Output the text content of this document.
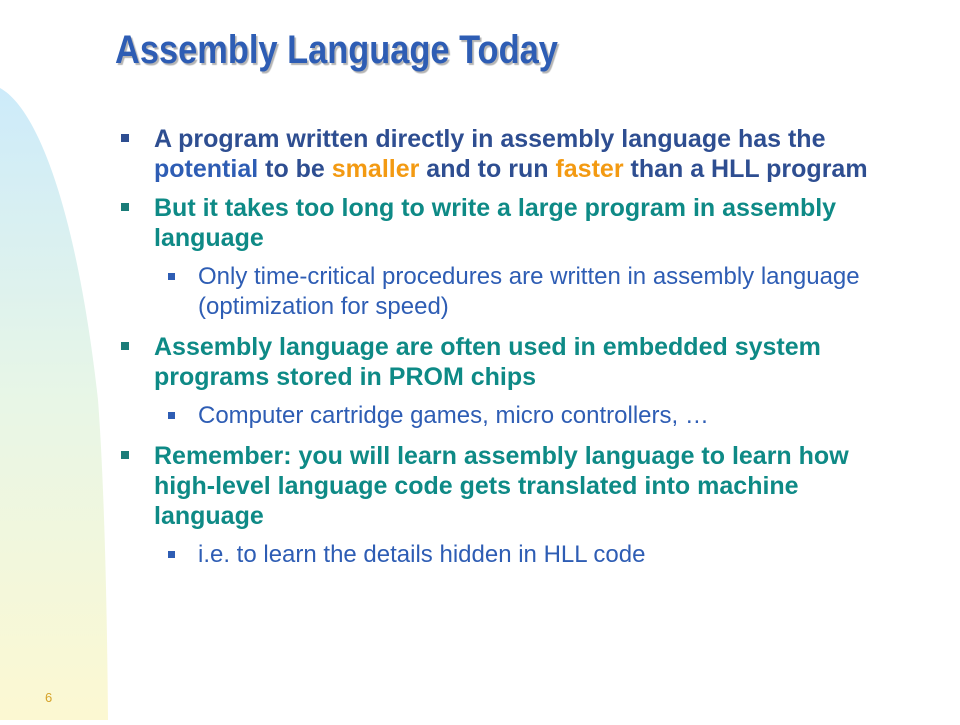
Assembly Language Today
A program written directly in assembly language has the potential to be smaller and to run faster than a HLL program
But it takes too long to write a large program in assembly language
Only time-critical procedures are written in assembly language (optimization for speed)
Assembly language are often used in embedded system programs stored in PROM chips
Computer cartridge games, micro controllers, …
Remember: you will learn assembly language to learn how high-level language code gets translated into machine language
i.e. to learn the details hidden in HLL code
6
